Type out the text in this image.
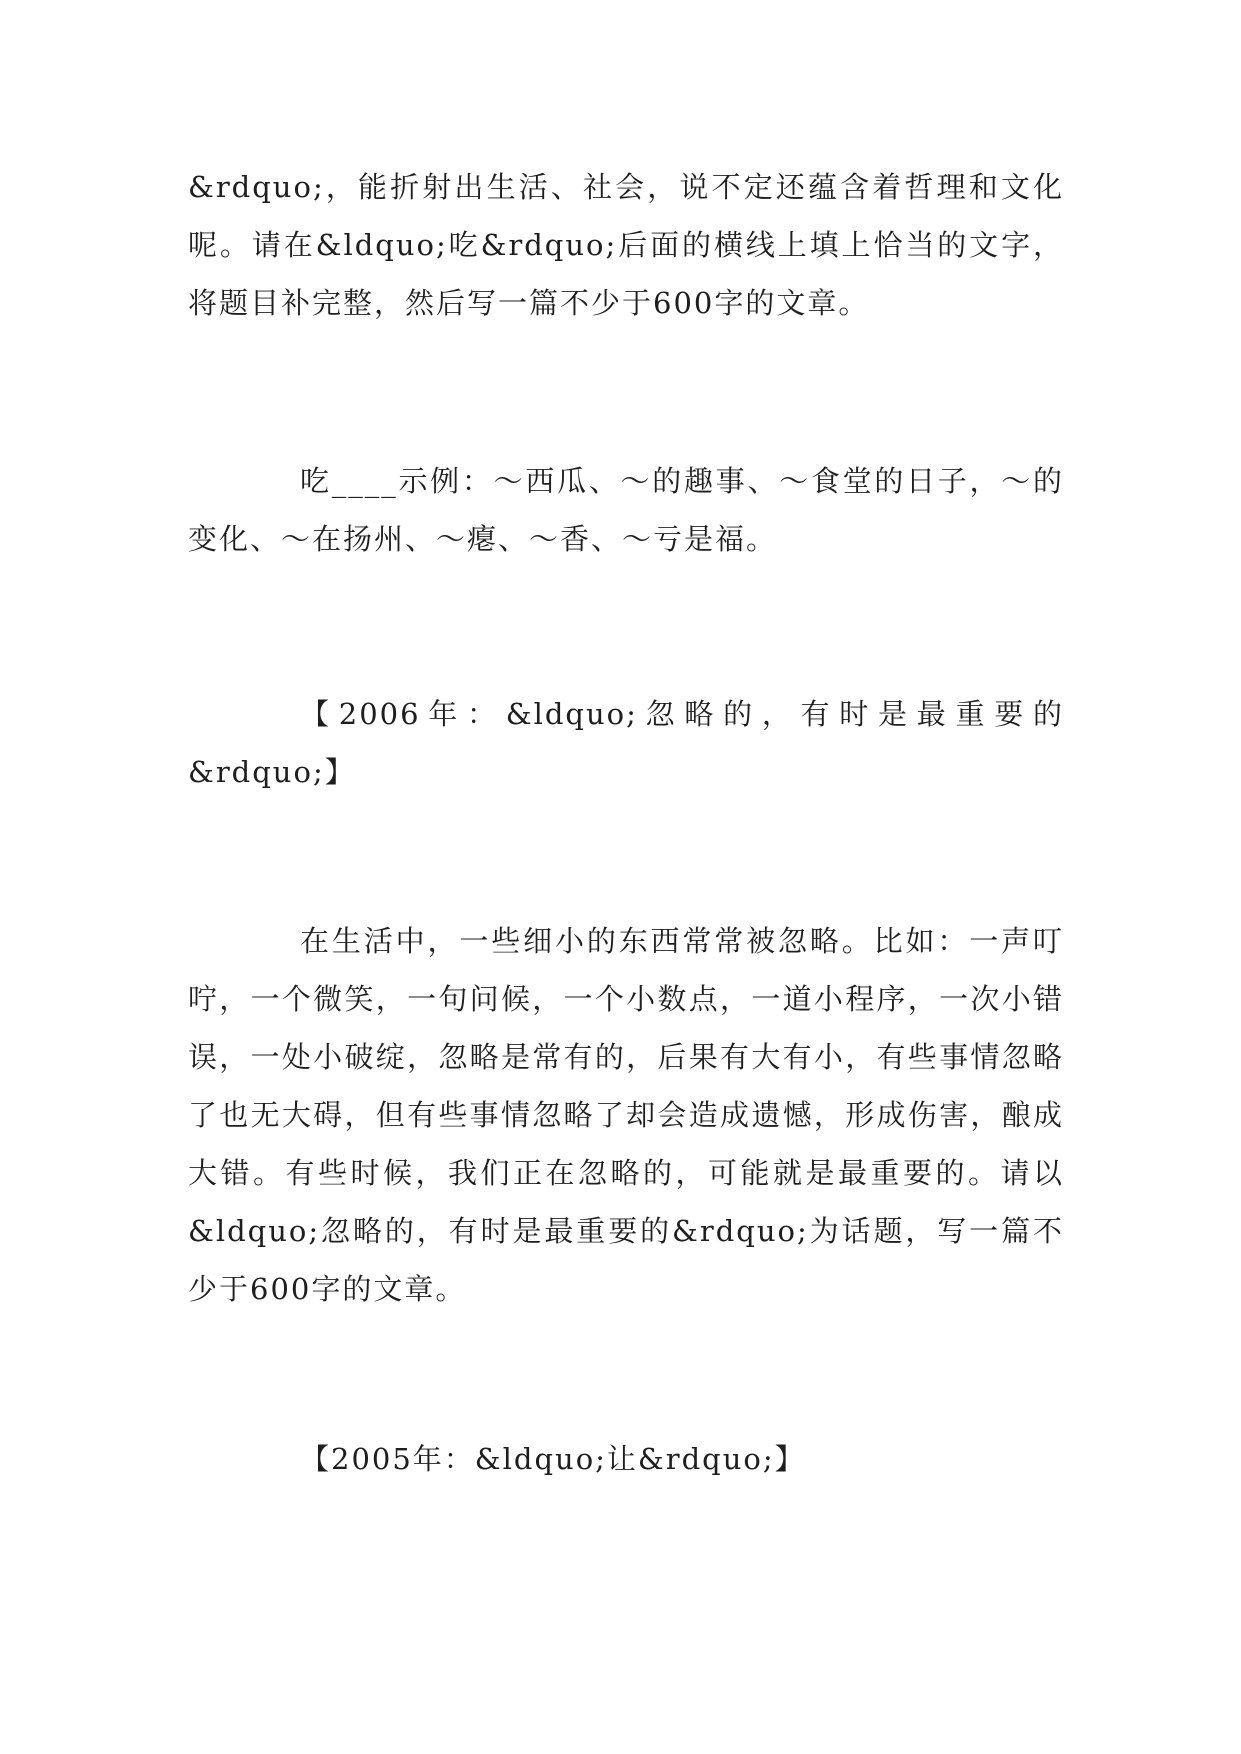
&rdquo;，能折射出生活、社会，说不定还蕴含着哲理和文化呢。请在&ldquo;吃&rdquo;后面的横线上填上恰当的文字，将题目补完整，然后写一篇不少于600字的文章。

吃____示例：～西瓜、～的趣事、～食堂的日子，～的变化、～在扬州、～瘪、～香、～亏是福。

【2006年：&ldquo;忽略的，有时是最重要的&rdquo;】

在生活中，一些细小的东西常常被忽略。比如：一声叮咛，一个微笑，一句问候，一个小数点，一道小程序，一次小错误，一处小破绽，忽略是常有的，后果有大有小，有些事情忽略了也无大碍，但有些事情忽略了却会造成遗憾，形成伤害，酿成大错。有些时候，我们正在忽略的，可能就是最重要的。请以&ldquo;忽略的，有时是最重要的&rdquo;为话题，写一篇不少于600字的文章。

【2005年：&ldquo;让&rdquo;】
